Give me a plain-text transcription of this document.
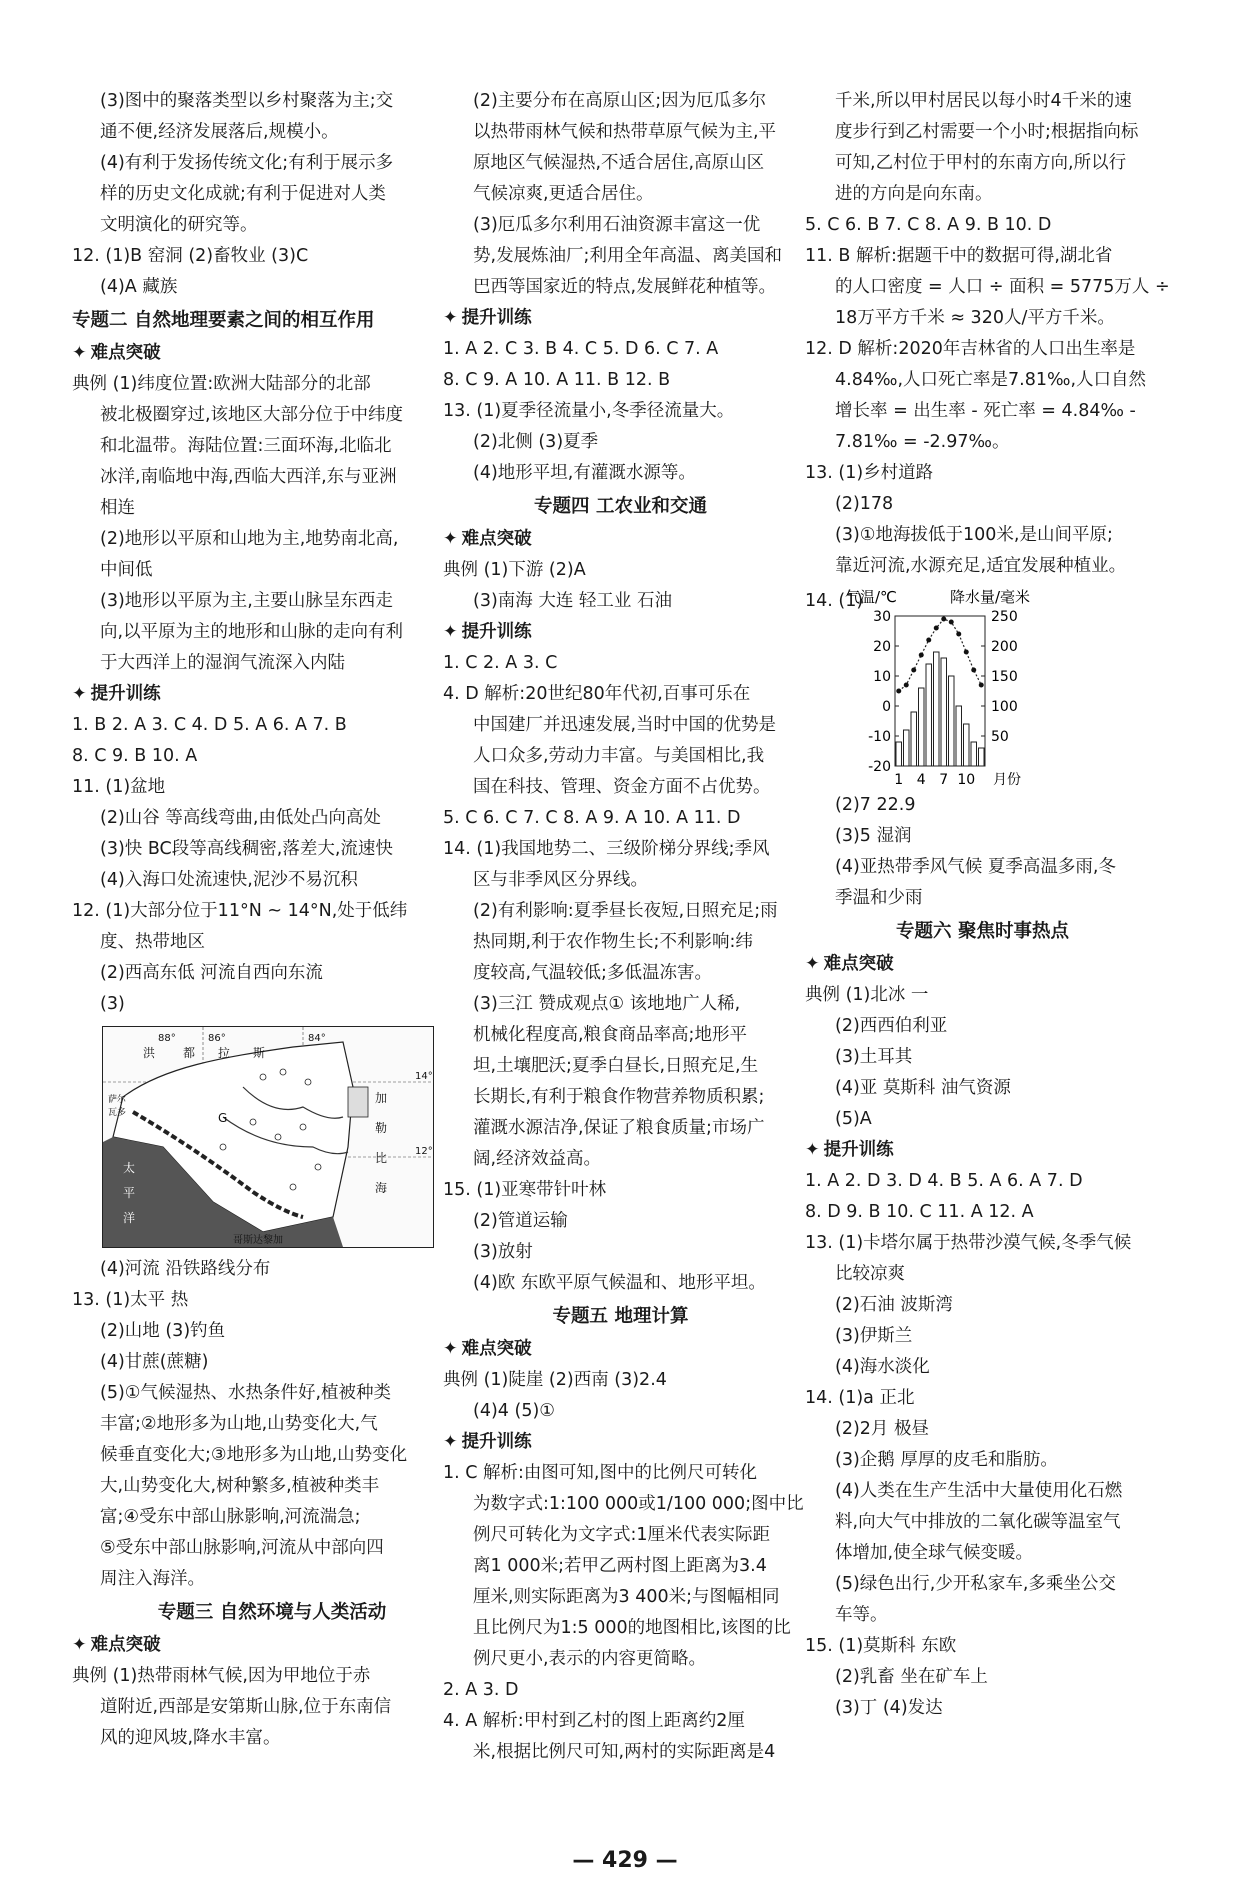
(3)图中的聚落类型以乡村聚落为主;交
通不便,经济发展落后,规模小。
(4)有利于发扬传统文化;有利于展示多
样的历史文化成就;有利于促进对人类
文明演化的研究等。
12. (1)B 窑洞 (2)畜牧业 (3)C
(4)A 藏族
专题二 自然地理要素之间的相互作用
✦ 难点突破
典例 (1)纬度位置:欧洲大陆部分的北部
被北极圈穿过,该地区大部分位于中纬度
和北温带。海陆位置:三面环海,北临北
冰洋,南临地中海,西临大西洋,东与亚洲
相连
(2)地形以平原和山地为主,地势南北高,
中间低
(3)地形以平原为主,主要山脉呈东西走
向,以平原为主的地形和山脉的走向有利
于大西洋上的湿润气流深入内陆
✦ 提升训练
1. B 2. A 3. C 4. D 5. A 6. A 7. B
8. C 9. B 10. A
11. (1)盆地
(2)山谷 等高线弯曲,由低处凸向高处
(3)快 BC段等高线稠密,落差大,流速快
(4)入海口处流速快,泥沙不易沉积
12. (1)大部分位于11°N ~ 14°N,处于低纬
度、热带地区
(2)西高东低 河流自西向东流
(3)
88°	86°	84°
14°
12°
洪 都 拉 斯
萨尔
瓦多	G
加
勒
比
海
太
平
洋
哥斯达黎加
(4)河流 沿铁路线分布
13. (1)太平 热
(2)山地 (3)钓鱼
(4)甘蔗(蔗糖)
(5)①气候湿热、水热条件好,植被种类
丰富;②地形多为山地,山势变化大,气
候垂直变化大;③地形多为山地,山势变化
大,山势变化大,树种繁多,植被种类丰
富;④受东中部山脉影响,河流湍急;
⑤受东中部山脉影响,河流从中部向四
周注入海洋。
专题三 自然环境与人类活动
✦ 难点突破
典例 (1)热带雨林气候,因为甲地位于赤
道附近,西部是安第斯山脉,位于东南信
风的迎风坡,降水丰富。
(2)主要分布在高原山区;因为厄瓜多尔
以热带雨林气候和热带草原气候为主,平
原地区气候湿热,不适合居住,高原山区
气候凉爽,更适合居住。
(3)厄瓜多尔利用石油资源丰富这一优
势,发展炼油厂;利用全年高温、离美国和
巴西等国家近的特点,发展鲜花种植等。
✦ 提升训练
1. A 2. C 3. B 4. C 5. D 6. C 7. A
8. C 9. A 10. A 11. B 12. B
13. (1)夏季径流量小,冬季径流量大。
(2)北侧 (3)夏季
(4)地形平坦,有灌溉水源等。
专题四 工农业和交通
✦ 难点突破
典例 (1)下游 (2)A
(3)南海 大连 轻工业 石油
✦ 提升训练
1. C 2. A 3. C
4. D 解析:20世纪80年代初,百事可乐在
中国建厂并迅速发展,当时中国的优势是
人口众多,劳动力丰富。与美国相比,我
国在科技、管理、资金方面不占优势。
5. C 6. C 7. C 8. A 9. A 10. A 11. D
14. (1)我国地势二、三级阶梯分界线;季风
区与非季风区分界线。
(2)有利影响:夏季昼长夜短,日照充足;雨
热同期,利于农作物生长;不利影响:纬
度较高,气温较低;多低温冻害。
(3)三江 赞成观点① 该地地广人稀,
机械化程度高,粮食商品率高;地形平
坦,土壤肥沃;夏季白昼长,日照充足,生
长期长,有利于粮食作物营养物质积累;
灌溉水源洁净,保证了粮食质量;市场广
阔,经济效益高。
15. (1)亚寒带针叶林
(2)管道运输
(3)放射
(4)欧 东欧平原气候温和、地形平坦。
专题五 地理计算
✦ 难点突破
典例 (1)陡崖 (2)西南 (3)2.4
(4)4 (5)①
✦ 提升训练
1. C 解析:由图可知,图中的比例尺可转化
为数字式:1:100 000或1/100 000;图中比
例尺可转化为文字式:1厘米代表实际距
离1 000米;若甲乙两村图上距离为3.4
厘米,则实际距离为3 400米;与图幅相同
且比例尺为1:5 000的地图相比,该图的比
例尺更小,表示的内容更简略。
2. A 3. D
4. A 解析:甲村到乙村的图上距离约2厘
米,根据比例尺可知,两村的实际距离是4
千米,所以甲村居民以每小时4千米的速
度步行到乙村需要一个小时;根据指向标
可知,乙村位于甲村的东南方向,所以行
进的方向是向东南。
5. C 6. B 7. C 8. A 9. B 10. D
11. B 解析:据题干中的数据可得,湖北省
的人口密度 = 人口 ÷ 面积 = 5775万人 ÷
18万平方千米 ≈ 320人/平方千米。
12. D 解析:2020年吉林省的人口出生率是
4.84‰,人口死亡率是7.81‰,人口自然
增长率 = 出生率 - 死亡率 = 4.84‰ -
7.81‰ = -2.97‰。
13. (1)乡村道路
(2)178
(3)①地海拔低于100米,是山间平原;
靠近河流,水源充足,适宜发展种植业。
14. (1)
气温/℃	降水量/毫米
30
20
10
0
-10
-20
250
200
150
100
50
1 4 7 10 月份
(2)7 22.9
(3)5 湿润
(4)亚热带季风气候 夏季高温多雨,冬
季温和少雨
专题六 聚焦时事热点
✦ 难点突破
典例 (1)北冰 一
(2)西西伯利亚
(3)土耳其
(4)亚 莫斯科 油气资源
(5)A
✦ 提升训练
1. A 2. D 3. D 4. B 5. A 6. A 7. D
8. D 9. B 10. C 11. A 12. A
13. (1)卡塔尔属于热带沙漠气候,冬季气候
比较凉爽
(2)石油 波斯湾
(3)伊斯兰
(4)海水淡化
14. (1)a 正北
(2)2月 极昼
(3)企鹅 厚厚的皮毛和脂肪。
(4)人类在生产生活中大量使用化石燃
料,向大气中排放的二氧化碳等温室气
体增加,使全球气候变暖。
(5)绿色出行,少开私家车,多乘坐公交
车等。
15. (1)莫斯科 东欧
(2)乳畜 坐在矿车上
(3)丁 (4)发达
— 429 —
